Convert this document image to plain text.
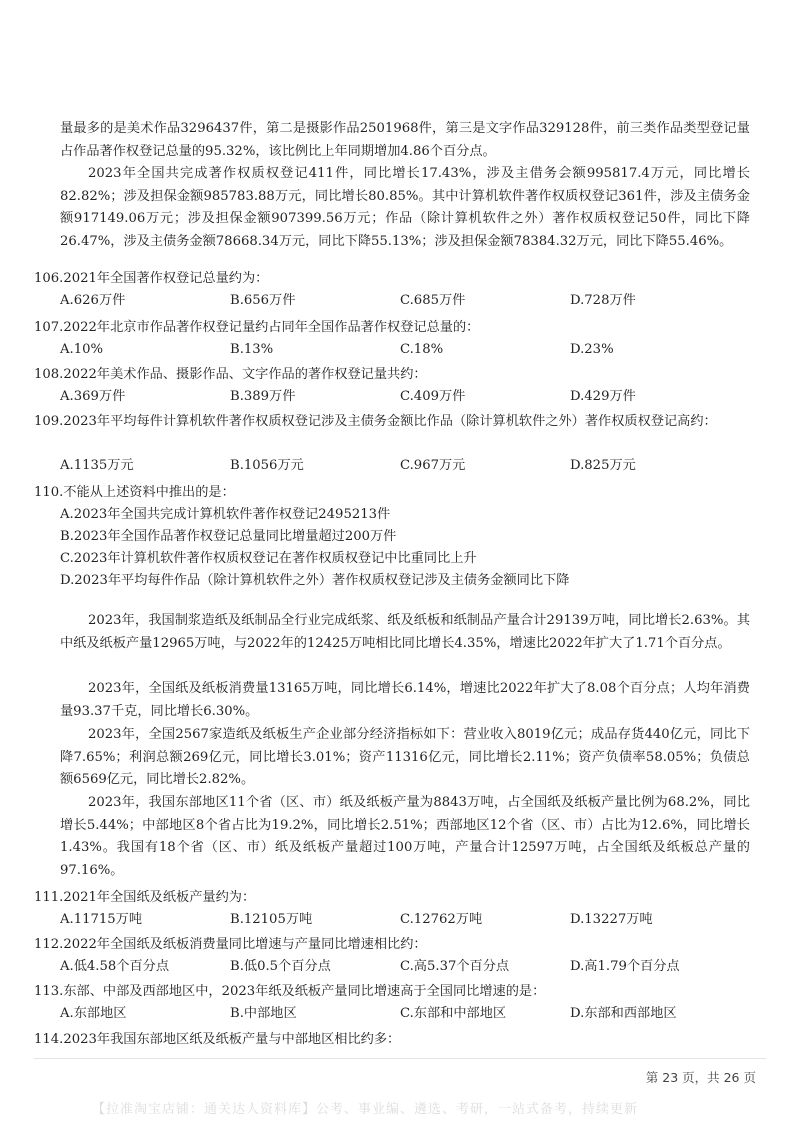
量最多的是美术作品3296437件，第二是摄影作品2501968件，第三是文字作品329128件，前三类作品类型登记量占作品著作权登记总量的95.32%，该比例比上年同期增加4.86个百分点。
2023年全国共完成著作权质权登记411件，同比增长17.43%，涉及主借务会额995817.4万元，同比增长82.82%；涉及担保金额985783.88万元，同比增长80.85%。其中计算机软件著作权质权登记361件，涉及主债务金额917149.06万元；涉及担保金额907399.56万元；作品（除计算机软件之外）著作权质权登记50件，同比下降26.47%，涉及主债务金额78668.34万元，同比下降55.13%；涉及担保金额78384.32万元，同比下降55.46%。
106.2021年全国著作权登记总量约为：
A.626万件	B.656万件	C.685万件	D.728万件
107.2022年北京市作品著作权登记量约占同年全国作品著作权登记总量的：
A.10%	B.13%	C.18%	D.23%
108.2022年美术作品、摄影作品、文字作品的著作权登记量共约：
A.369万件	B.389万件	C.409万件	D.429万件
109.2023年平均每件计算机软件著作权质权登记涉及主债务金额比作品（除计算机软件之外）著作权质权登记高约：
A.1135万元	B.1056万元	C.967万元	D.825万元
110.不能从上述资料中推出的是：
A.2023年全国共完成计算机软件著作权登记2495213件
B.2023年全国作品著作权登记总量同比增量超过200万件
C.2023年计算机软件著作权质权登记在著作权质权登记中比重同比上升
D.2023年平均每件作品（除计算机软件之外）著作权质权登记涉及主债务金额同比下降
2023年，我国制浆造纸及纸制品全行业完成纸浆、纸及纸板和纸制品产量合计29139万吨，同比增长2.63%。其中纸及纸板产量12965万吨，与2022年的12425万吨相比同比增长4.35%，增速比2022年扩大了1.71个百分点。
2023年，全国纸及纸板消费量13165万吨，同比增长6.14%，增速比2022年扩大了8.08个百分点；人均年消费量93.37千克，同比增长6.30%。
2023年，全国2567家造纸及纸板生产企业部分经济指标如下：营业收入8019亿元；成品存货440亿元，同比下降7.65%；利润总额269亿元，同比增长3.01%；资产11316亿元，同比增长2.11%；资产负债率58.05%；负债总额6569亿元，同比增长2.82%。
2023年，我国东部地区11个省（区、市）纸及纸板产量为8843万吨，占全国纸及纸板产量比例为68.2%，同比增长5.44%；中部地区8个省占比为19.2%，同比增长2.51%；西部地区12个省（区、市）占比为12.6%，同比增长1.43%。我国有18个省（区、市）纸及纸板产量超过100万吨，产量合计12597万吨，占全国纸及纸板总产量的97.16%。
111.2021年全国纸及纸板产量约为：
A.11715万吨	B.12105万吨	C.12762万吨	D.13227万吨
112.2022年全国纸及纸板消费量同比增速与产量同比增速相比约：
A.低4.58个百分点	B.低0.5个百分点	C.高5.37个百分点	D.高1.79个百分点
113.东部、中部及西部地区中，2023年纸及纸板产量同比增速高于全国同比增速的是：
A.东部地区	B.中部地区	C.东部和中部地区	D.东部和西部地区
114.2023年我国东部地区纸及纸板产量与中部地区相比约多：
第 23 页，共 26 页
【拉准淘宝店铺：通关达人资料库】公考、事业编、遴选、考研，一站式备考，持续更新
